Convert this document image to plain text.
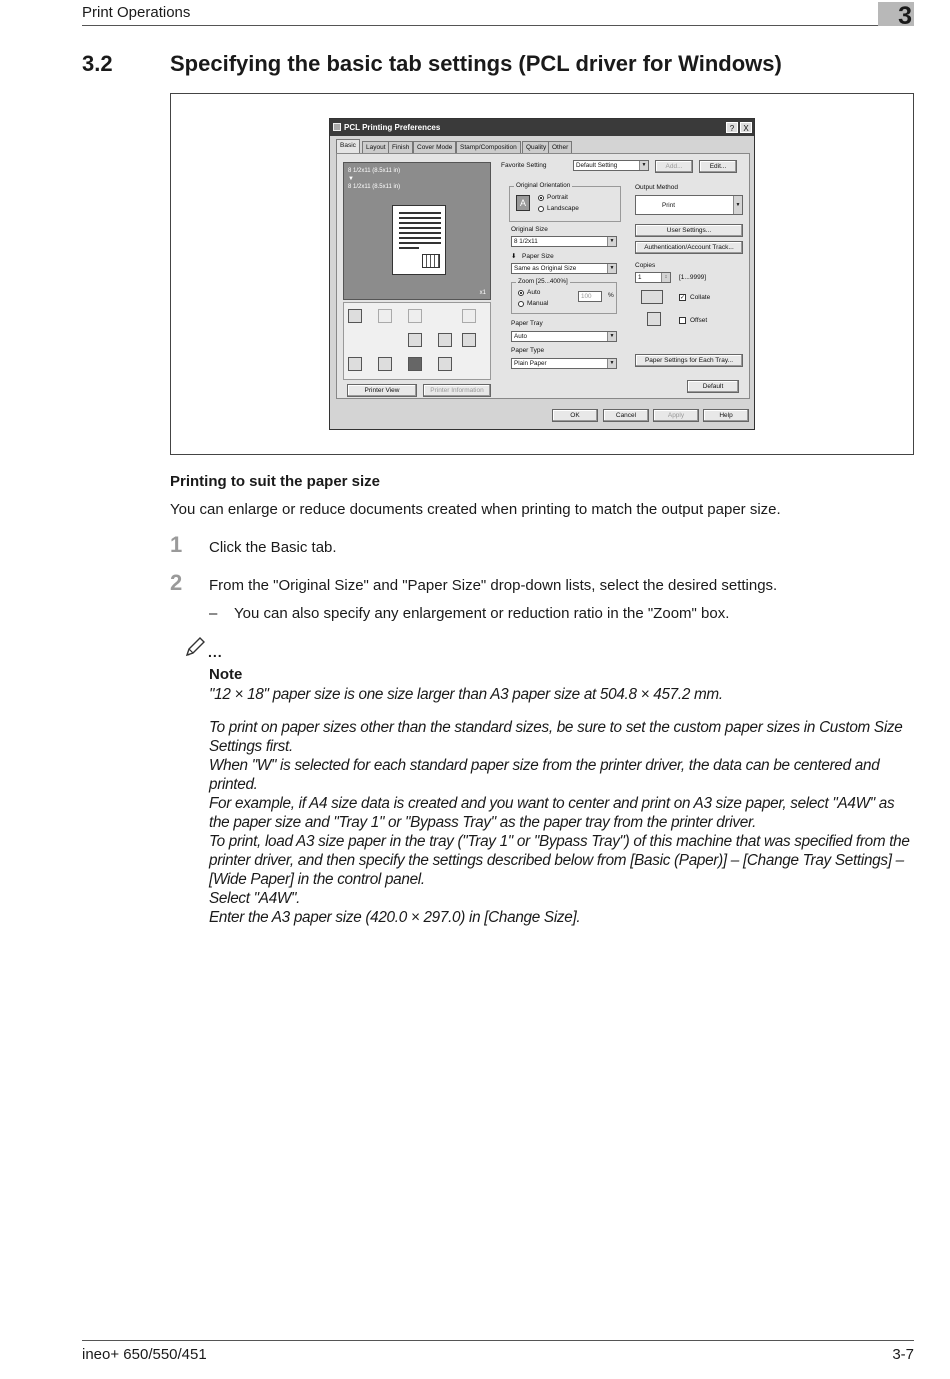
Print Operations	3
3.2	Specifying the basic tab settings (PCL driver for Windows)
PCL Printing Preferences	?	X
Basic	Layout Finish	Cover Mode	Stamp/Composition	Quality Other
8 1/2x11 (8.5x11 in)
▼
8 1/2x11 (8.5x11 in)
x1
Printer View	Printer Information
Favorite Setting	Default Setting	▼	Add...	Edit...
Original Orientation
A
Portrait
Landscape
Output Method
Print	▼
User Settings...
Authentication/Account Track...
Original Size
8 1/2x11	▼
⬇ Paper Size
Same as Original Size	▼
Zoom [25...400%]
Auto
Manual
100	%
Copies
1	↕	[1...9999]
✓ Collate
Offset
Paper Tray
Auto	▼
Paper Type
Plain Paper	▼	Paper Settings for Each Tray...
Default
OK	Cancel	Apply	Help
Printing to suit the paper size
You can enlarge or reduce documents created when printing to match the output paper size.
1 Click the Basic tab.
2 From the "Original Size" and "Paper Size" drop-down lists, select the desired settings.
– You can also specify any enlargement or reduction ratio in the "Zoom" box.
...
Note
"12 × 18" paper size is one size larger than A3 paper size at 504.8 × 457.2 mm.
To print on paper sizes other than the standard sizes, be sure to set the custom paper sizes in Custom Size Settings first.
When "W" is selected for each standard paper size from the printer driver, the data can be centered and printed.
For example, if A4 size data is created and you want to center and print on A3 size paper, select "A4W" as the paper size and "Tray 1" or "Bypass Tray" as the paper tray from the printer driver.
To print, load A3 size paper in the tray ("Tray 1" or "Bypass Tray") of this machine that was specified from the printer driver, and then specify the settings described below from [Basic (Paper)] – [Change Tray Settings] – [Wide Paper] in the control panel.
Select "A4W".
Enter the A3 paper size (420.0 × 297.0) in [Change Size].
ineo+ 650/550/451	3-7
